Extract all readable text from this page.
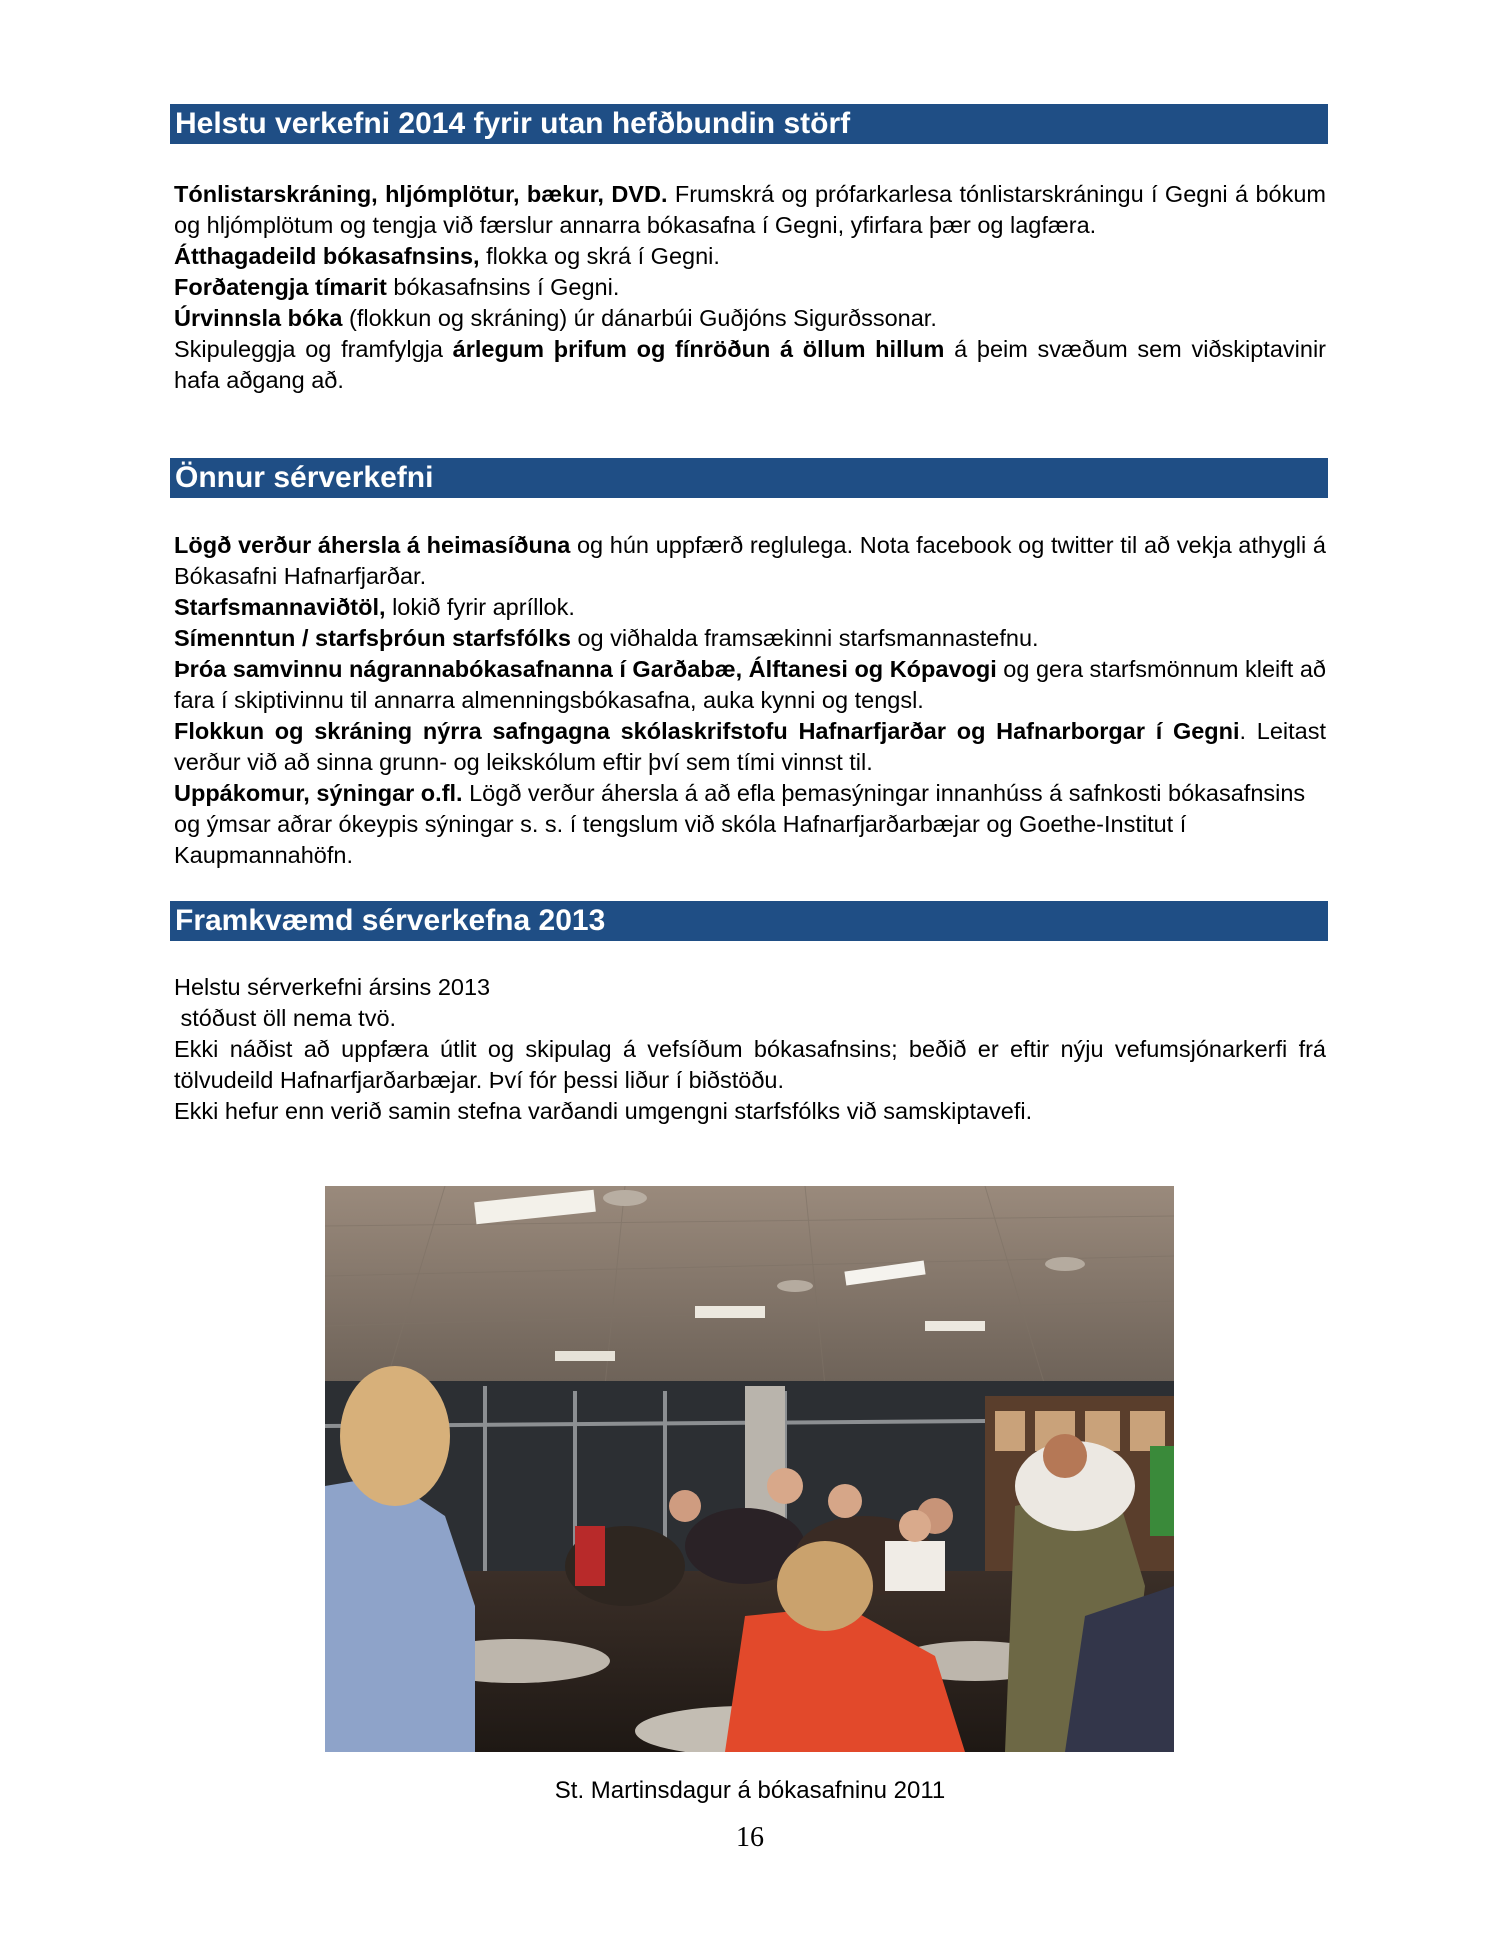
Helstu verkefni 2014 fyrir utan hefðbundin störf

Tónlistarskráning, hljómplötur, bækur, DVD. Frumskrá og prófarkarlesa tónlistarskráningu í Gegni á bókum og hljómplötum og tengja við færslur annarra bókasafna í Gegni, yfirfara þær og lagfæra.

Átthagadeild bókasafnsins, flokka og skrá í Gegni.

Forðatengja tímarit bókasafnsins í Gegni.

Úrvinnsla bóka (flokkun og skráning) úr dánarbúi Guðjóns Sigurðssonar.

Skipuleggja og framfylgja árlegum þrifum og fínröðun á öllum hillum á þeim svæðum sem viðskiptavinir hafa aðgang að.

Önnur sérverkefni

Lögð verður áhersla á heimasíðuna og hún uppfærð reglulega. Nota facebook og twitter til að vekja athygli á Bókasafni Hafnarfjarðar.

Starfsmannaviðtöl, lokið fyrir apríllok.

Símenntun / starfsþróun starfsfólks og viðhalda framsækinni starfsmannastefnu.

Þróa samvinnu nágrannabókasafnanna í Garðabæ, Álftanesi og Kópavogi og gera starfsmönnum kleift að fara í skiptivinnu til annarra almenningsbókasafna, auka kynni og tengsl.

Flokkun og skráning nýrra safngagna skólaskrifstofu Hafnarfjarðar og Hafnarborgar í Gegni. Leitast verður við að sinna grunn- og leikskólum eftir því sem tími vinnst til.

Uppákomur, sýningar o.fl. Lögð verður áhersla á að efla þemasýningar innanhúss á safnkosti bókasafnsins og ýmsar aðrar ókeypis sýningar s. s. í tengslum við skóla Hafnarfjarðarbæjar og Goethe-Institut í Kaupmannahöfn.

Framkvæmd sérverkefna 2013

Helstu sérverkefni ársins 2013

stóðust öll nema tvö.

Ekki náðist að uppfæra útlit og skipulag á vefsíðum bókasafnsins; beðið er eftir nýju vefumsjónarkerfi frá tölvudeild Hafnarfjarðarbæjar. Því fór þessi liður í biðstöðu.

Ekki hefur enn verið samin stefna varðandi umgengni starfsfólks við samskiptavefi.

St. Martinsdagur á bókasafninu 2011
16
